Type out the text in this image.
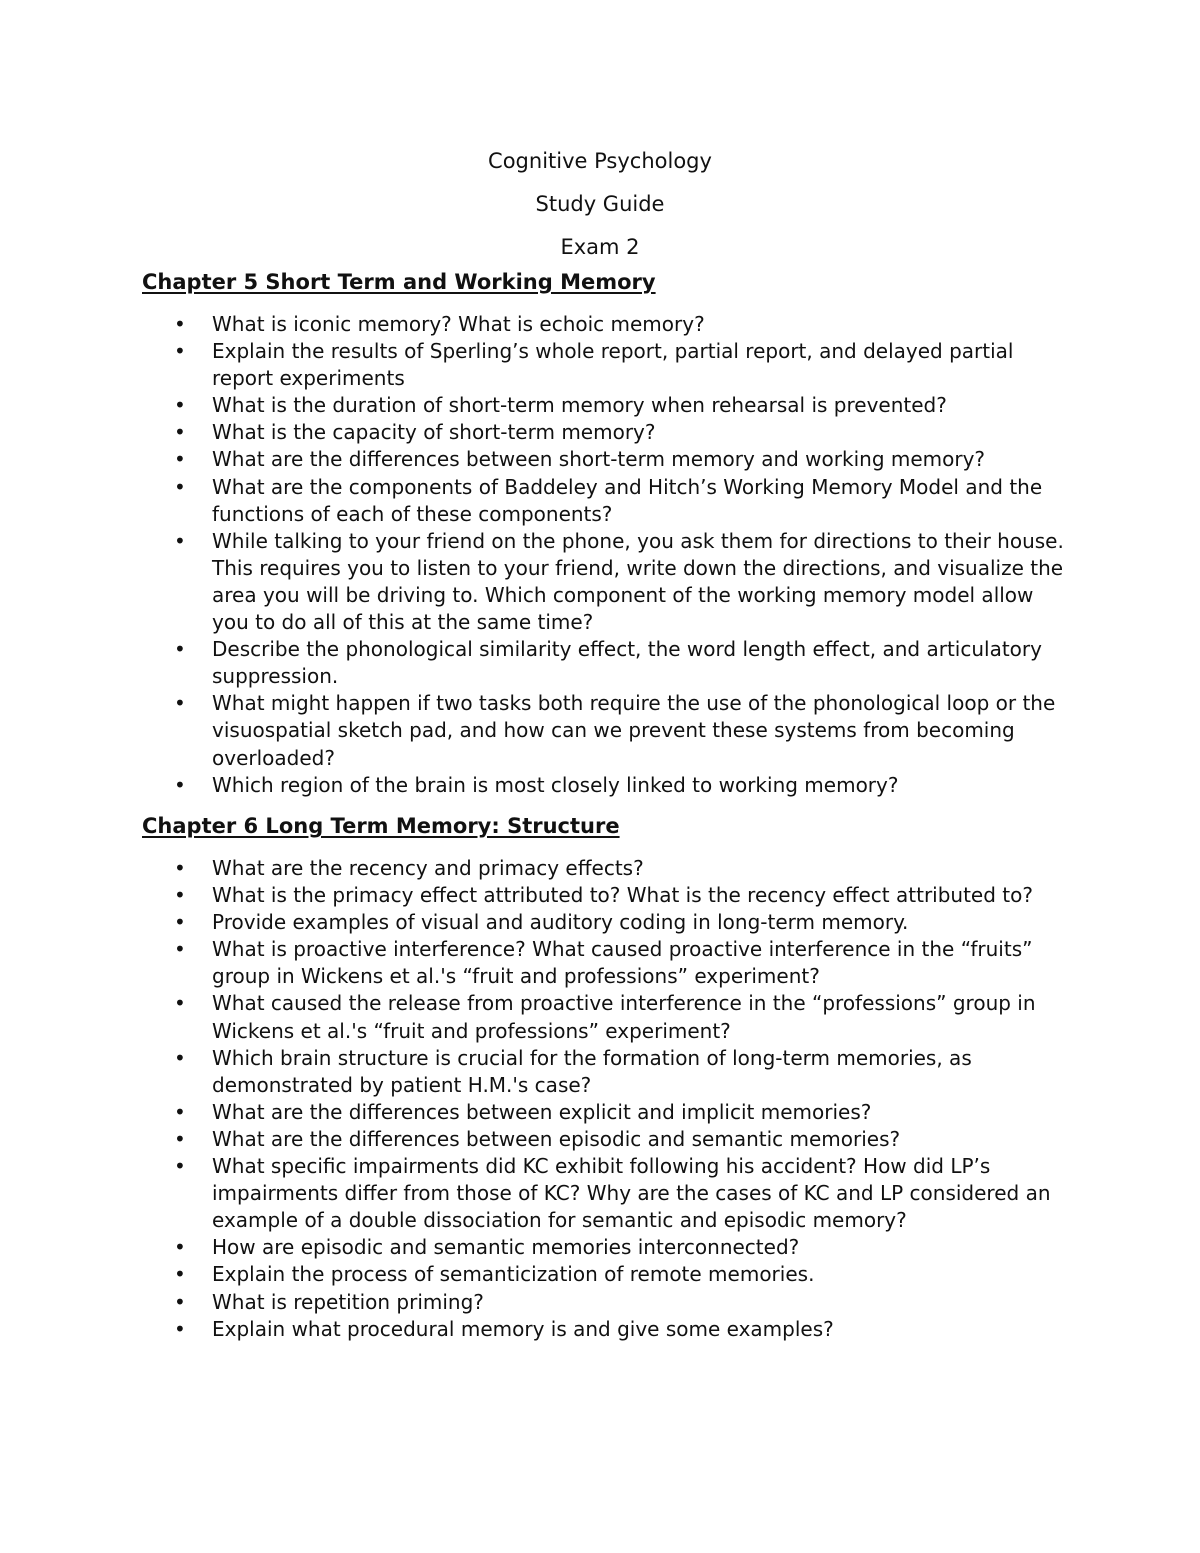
Cognitive Psychology

Study Guide

Exam 2

Chapter 5 Short Term and Working Memory
• What is iconic memory? What is echoic memory?
• Explain the results of Sperling’s whole report, partial report, and delayed partial report experiments
• What is the duration of short-term memory when rehearsal is prevented?
• What is the capacity of short-term memory?
• What are the differences between short-term memory and working memory?
• What are the components of Baddeley and Hitch’s Working Memory Model and the functions of each of these components?
• While talking to your friend on the phone, you ask them for directions to their house. This requires you to listen to your friend, write down the directions, and visualize the area you will be driving to. Which component of the working memory model allow you to do all of this at the same time?
• Describe the phonological similarity effect, the word length effect, and articulatory suppression.
• What might happen if two tasks both require the use of the phonological loop or the visuospatial sketch pad, and how can we prevent these systems from becoming overloaded?
• Which region of the brain is most closely linked to working memory?
Chapter 6 Long Term Memory: Structure
• What are the recency and primacy effects?
• What is the primacy effect attributed to? What is the recency effect attributed to?
• Provide examples of visual and auditory coding in long-term memory.
• What is proactive interference? What caused proactive interference in the “fruits” group in Wickens et al.'s “fruit and professions” experiment?
• What caused the release from proactive interference in the “professions” group in Wickens et al.'s “fruit and professions” experiment?
• Which brain structure is crucial for the formation of long-term memories, as demonstrated by patient H.M.'s case?
• What are the differences between explicit and implicit memories?
• What are the differences between episodic and semantic memories?
• What specific impairments did KC exhibit following his accident? How did LP’s impairments differ from those of KC? Why are the cases of KC and LP considered an example of a double dissociation for semantic and episodic memory?
• How are episodic and semantic memories interconnected?
• Explain the process of semanticization of remote memories.
• What is repetition priming?
• Explain what procedural memory is and give some examples?
